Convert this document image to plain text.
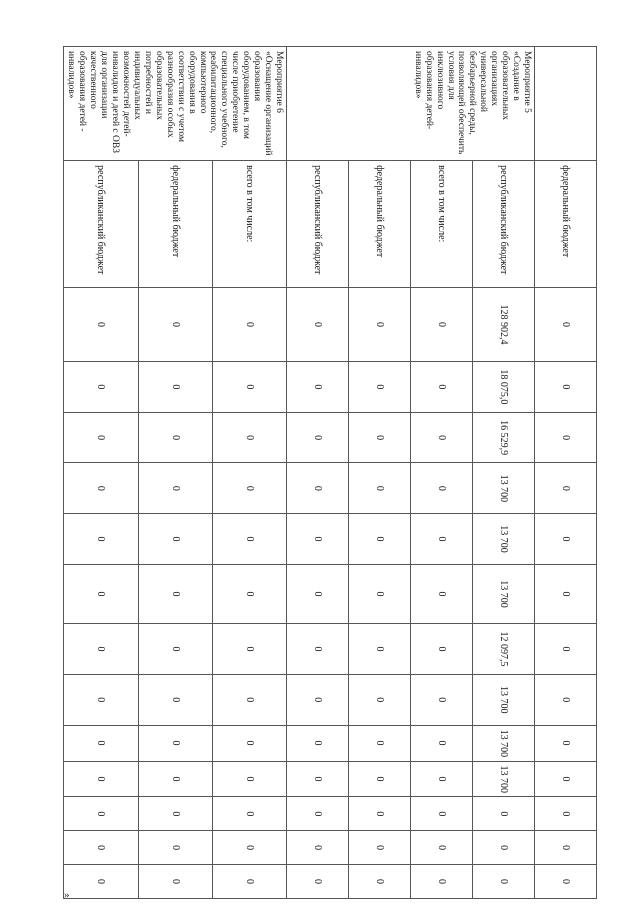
	федеральный бюджет	0	0	0	0	0	0	0	0	0	0	0	0	0
Мероприятие 5 «Создание в образовательных организациях универсальной безбарьерной среды, позволяющей обеспечить условия для инклюзивного образования детей-инвалидов»	республиканский бюджет	128 902,4	18 075,0	16 529,9	13 700	13 700	13 700	12 097,5	13 700	13 700	13 700	0	0	0
	всего в том числе:	0	0	0	0	0	0	0	0	0	0	0	0	0
	федеральный бюджет	0	0	0	0	0	0	0	0	0	0	0	0	0
	республиканский бюджет	0	0	0	0	0	0	0	0	0	0	0	0	0
Мероприятие 6 «Оснащение организаций образования оборудованием, в том числе приобретение специального учебного, реабилитационного, компьютерного оборудования в соответствии с учетом разнообразия особых образовательных потребностей и индивидуальных возможностей детей-инвалидов и детей с ОВЗ для организации качественного образования детей - инвалидов»	всего в том числе:	0	0	0	0	0	0	0	0	0	0	0	0	0
	федеральный бюджет	0	0	0	0	0	0	0	0	0	0	0	0	0
	республиканский бюджет	0	0	0	0	0	0	0	0	0	0	0	0	0
»
